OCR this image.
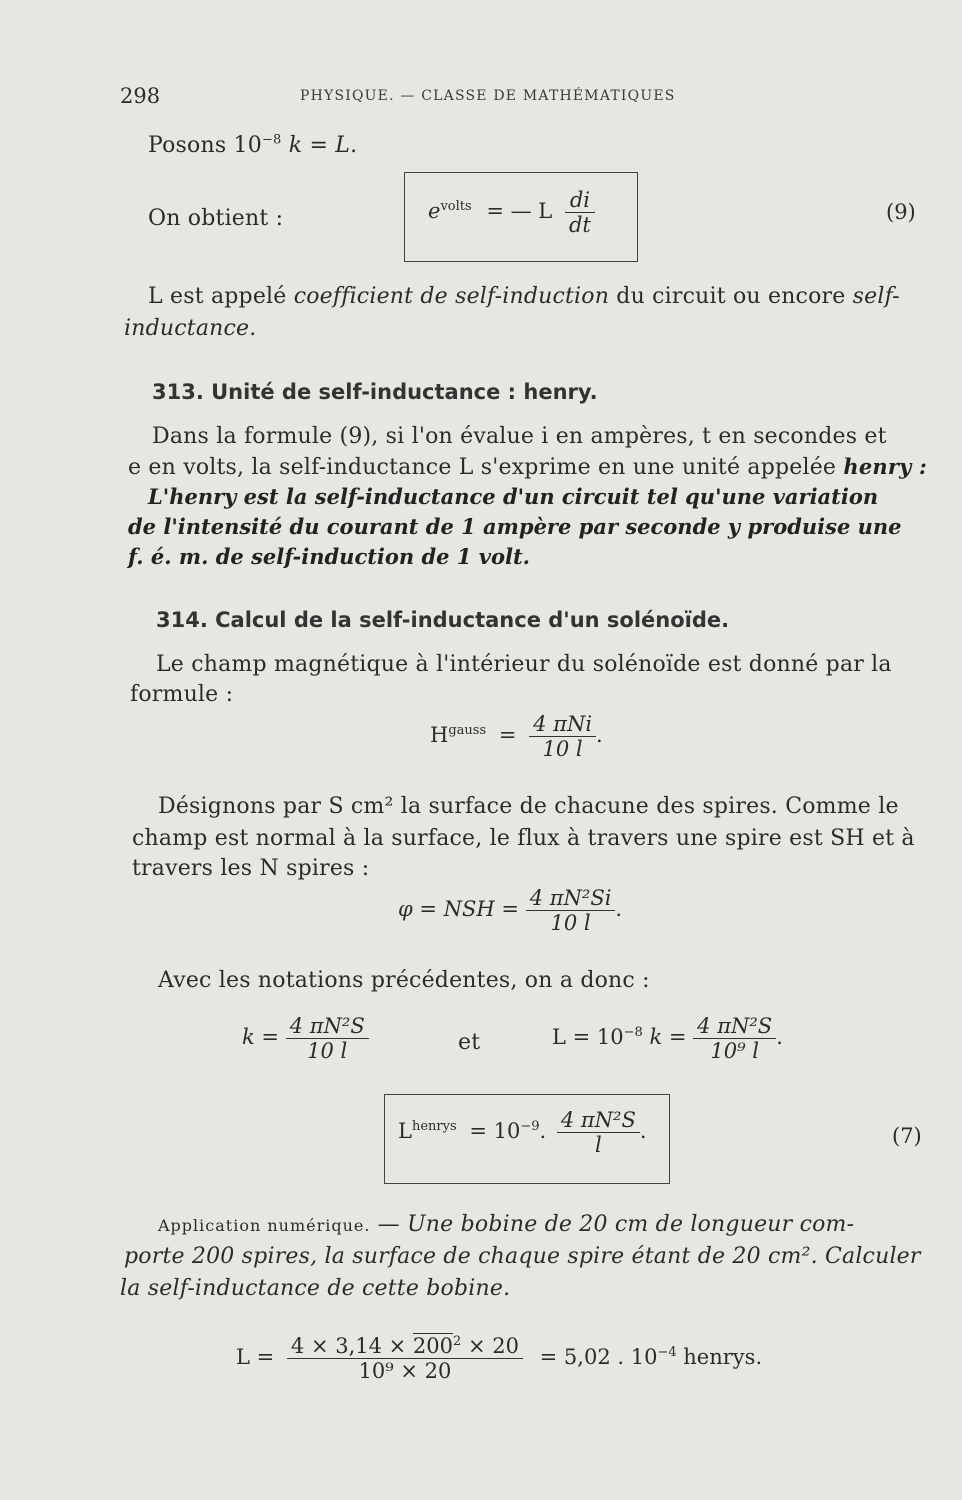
298	PHYSIQUE. — CLASSE DE MATHÉMATIQUES
Posons $10^{-8}$ k = L.
On obtient :	$e^{volts}$ = — L $\frac{di}{dt}$	(9)
L est appelé coefficient de self-induction du circuit ou encore self-
inductance.
313. Unité de self-inductance : henry.
Dans la formule (9), si l'on évalue i en ampères, t en secondes et
e en volts, la self-inductance L s'exprime en une unité appelée henry :
L'henry est la self-inductance d'un circuit tel qu'une variation
de l'intensité du courant de 1 ampère par seconde y produise une
f. é. m. de self-induction de 1 volt.
314. Calcul de la self-inductance d'un solénoïde.
Le champ magnétique à l'intérieur du solénoïde est donné par la
formule :
$H^{gauss} = \frac{\text{4 πNi}}{10 l}$ .
Désignons par S cm² la surface de chacune des spires. Comme le
champ est normal à la surface, le flux à travers une spire est SH et à
travers les N spires :
φ = NSH = $\frac{\text{4 πN²Si}}{10 l}$ .
Avec les notations précédentes, on a donc :
$k = \frac{\text{4 πN²S}}{10 l}$	et	$L = 10^{-8}$ $k = \frac{\text{4 πN²S}}{\text{10⁹ l}}$ .
$L^{henrys} = 10^{-9}$. $\frac{\text{4 πN²S}}{l}$ .	(7)
Application numérique. — Une bobine de 20 cm de longueur com-
porte 200 spires, la surface de chaque spire étant de 20 cm². Calculer
la self-inductance de cette bobine.
$L = \frac{4 \times 3,14 \times 200^2 \times 20}{\text{10⁹ × 20}} = 5,02$ . $10^{-4}$ henrys.
